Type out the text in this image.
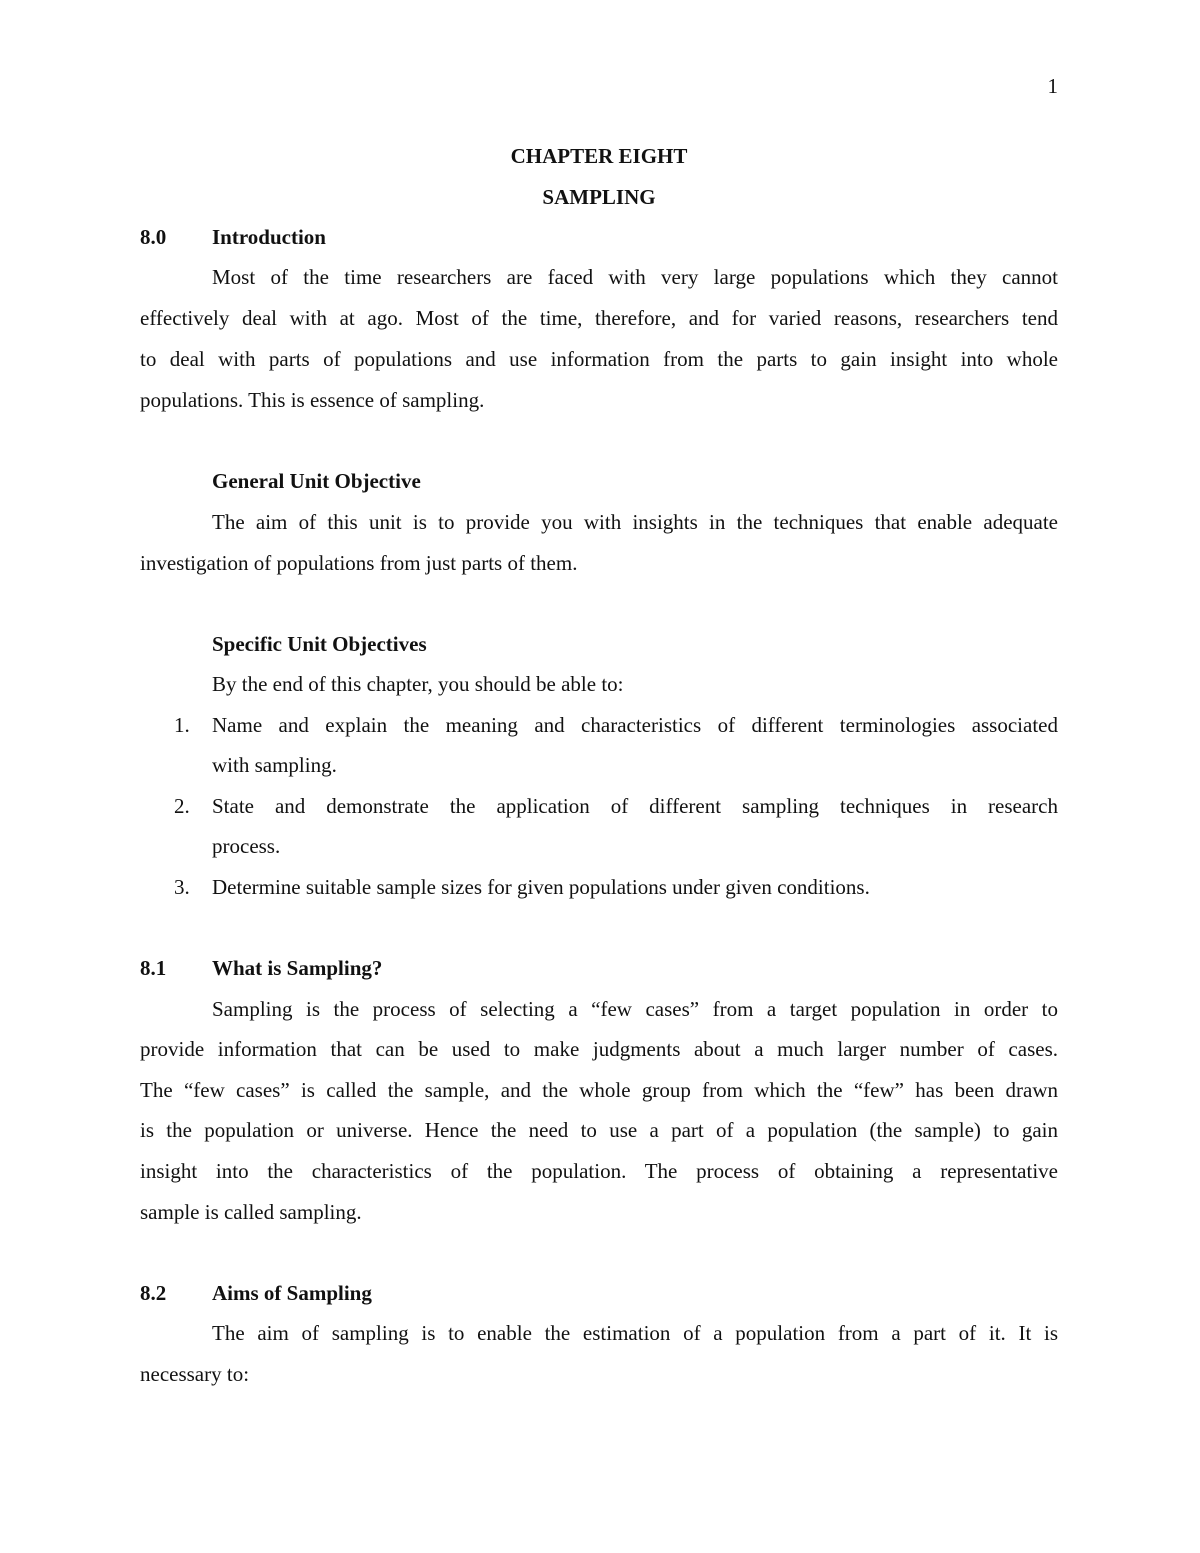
1
CHAPTER EIGHT
SAMPLING
8.0 Introduction
Most of the time researchers are faced with very large populations which they cannot
effectively deal with at ago. Most of the time, therefore, and for varied reasons, researchers tend
to deal with parts of populations and use information from the parts to gain insight into whole
populations. This is essence of sampling.
General Unit Objective
The aim of this unit is to provide you with insights in the techniques that enable adequate
investigation of populations from just parts of them.
Specific Unit Objectives
By the end of this chapter, you should be able to:
1. Name and explain the meaning and characteristics of different terminologies associated
with sampling.
2. State and demonstrate the application of different sampling techniques in research
process.
3. Determine suitable sample sizes for given populations under given conditions.
8.1 What is Sampling?
Sampling is the process of selecting a “few cases” from a target population in order to
provide information that can be used to make judgments about a much larger number of cases.
The “few cases” is called the sample, and the whole group from which the “few” has been drawn
is the population or universe. Hence the need to use a part of a population (the sample) to gain
insight into the characteristics of the population. The process of obtaining a representative
sample is called sampling.
8.2 Aims of Sampling
The aim of sampling is to enable the estimation of a population from a part of it. It is
necessary to:
